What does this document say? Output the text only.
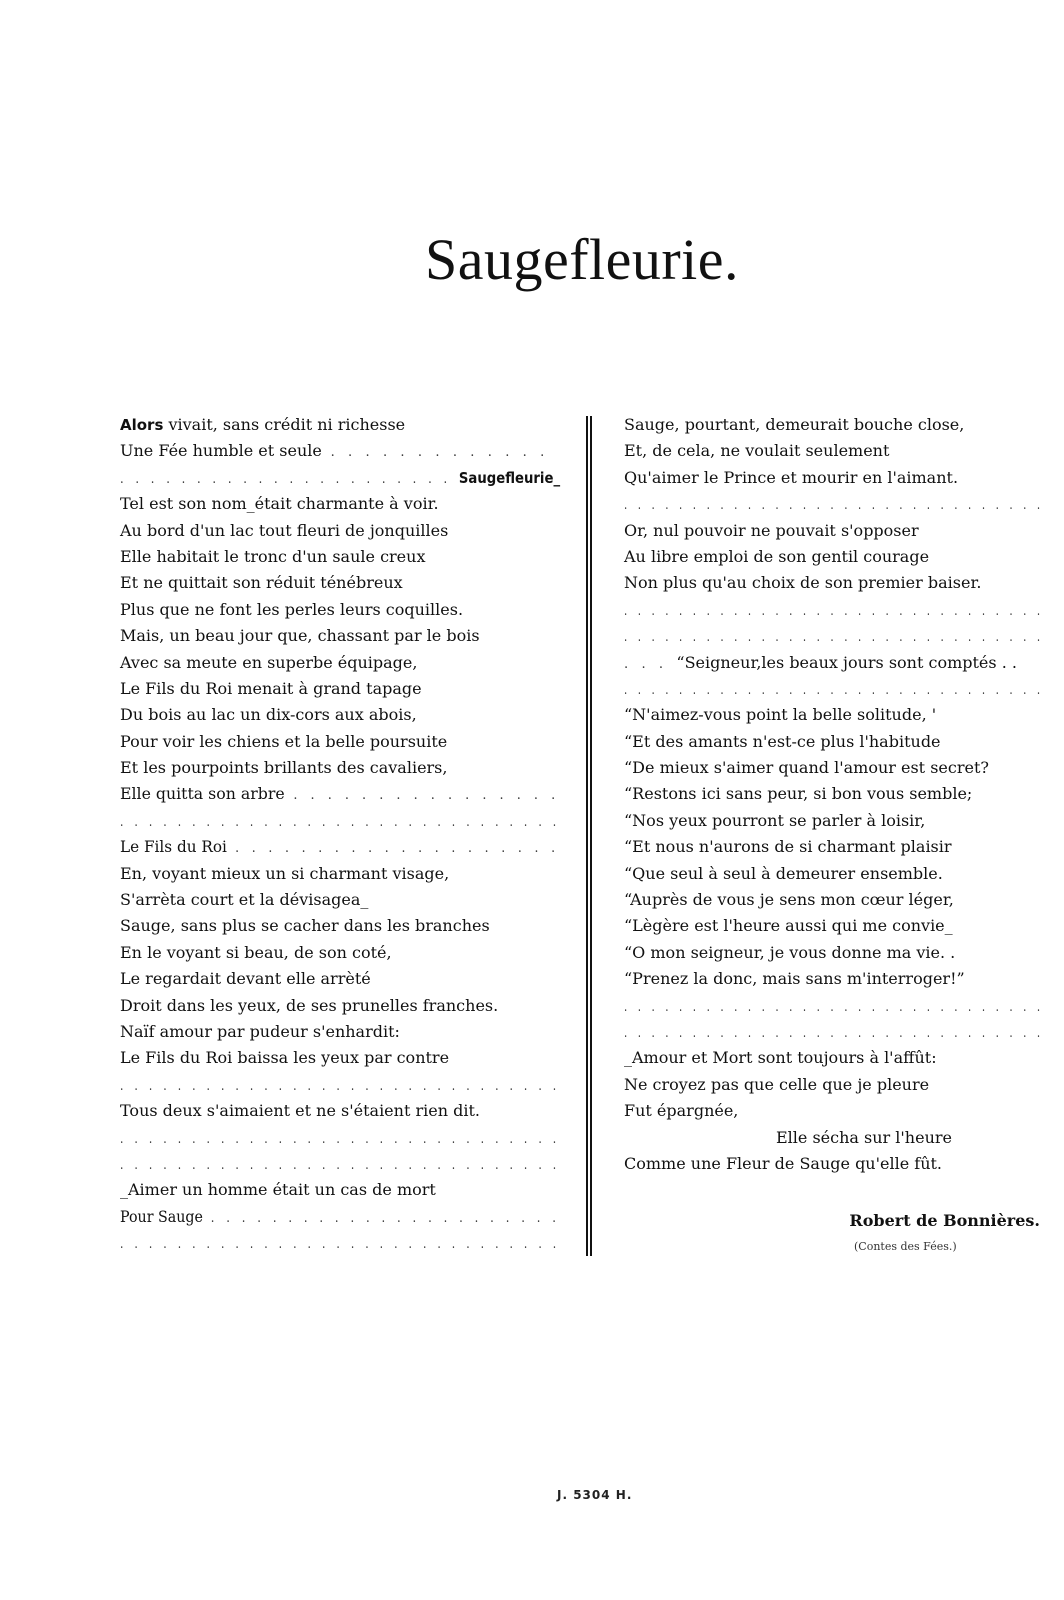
Saugefleurie.
Alors vivait, sans crédit ni richesse
Une Fée humble et seule . . . . . . . . . . . . .
. . . . . . . . . . . . . . . . . . . . . . Saugefleurie_
Tel est son nom_était charmante à voir.
Au bord d'un lac tout fleuri de jonquilles
Elle habitait le tronc d'un saule creux
Et ne quittait son réduit ténébreux
Plus que ne font les perles leurs coquilles.
Mais, un beau jour que, chassant par le bois
Avec sa meute en superbe équipage,
Le Fils du Roi menait à grand tapage
Du bois au lac un dix-cors aux abois,
Pour voir les chiens et la belle poursuite
Et les pourpoints brillants des cavaliers,
Elle quitta son arbre . . . . . . . . . . . . . . . .
. . . . . . . . . . . . . . . . . . . . . . . . . . . . . . .
Le Fils du Roi . . . . . . . . . . . . . . . . . . . .
En, voyant mieux un si charmant visage,
S'arrèta court et la dévisagea_
Sauge, sans plus se cacher dans les branches
En le voyant si beau, de son coté,
Le regardait devant elle arrèté
Droit dans les yeux, de ses prunelles franches.
Naïf amour par pudeur s'enhardit:
Le Fils du Roi baissa les yeux par contre
. . . . . . . . . . . . . . . . . . . . . . . . . . . . . . .
Tous deux s'aimaient et ne s'étaient rien dit.
. . . . . . . . . . . . . . . . . . . . . . . . . . . . . . .
. . . . . . . . . . . . . . . . . . . . . . . . . . . . . . .
_Aimer un homme était un cas de mort
Pour Sauge . . . . . . . . . . . . . . . . . . . . . . .
. . . . . . . . . . . . . . . . . . . . . . . . . . . . . . .
Sauge, pourtant, demeurait bouche close,
Et, de cela, ne voulait seulement
Qu'aimer le Prince et mourir en l'aimant.
. . . . . . . . . . . . . . . . . . . . . . . . . . . . . . .
Or, nul pouvoir ne pouvait s'opposer
Au libre emploi de son gentil courage
Non plus qu'au choix de son premier baiser.
. . . . . . . . . . . . . . . . . . . . . . . . . . . . . . .
. . . . . . . . . . . . . . . . . . . . . . . . . . . . . . .
. . . “Seigneur,les beaux jours sont comptés . .
. . . . . . . . . . . . . . . . . . . . . . . . . . . . . . .
“N'aimez-vous point la belle solitude, '
“Et des amants n'est-ce plus l'habitude
“De mieux s'aimer quand l'amour est secret?
“Restons ici sans peur, si bon vous semble;
“Nos yeux pourront se parler à loisir,
“Et nous n'aurons de si charmant plaisir
“Que seul à seul à demeurer ensemble.
“Auprès de vous je sens mon cœur léger,
“Lègère est l'heure aussi qui me convie_
“O mon seigneur, je vous donne ma vie. .
“Prenez la donc, mais sans m'interroger!”
. . . . . . . . . . . . . . . . . . . . . . . . . . . . . . .
. . . . . . . . . . . . . . . . . . . . . . . . . . . . . . .
_Amour et Mort sont toujours à l'affût:
Ne croyez pas que celle que je pleure
Fut épargnée,
Elle sécha sur l'heure
Comme une Fleur de Sauge qu'elle fût.
Robert de Bonnières.
(Contes des Fées.)
J. 5304 H.
